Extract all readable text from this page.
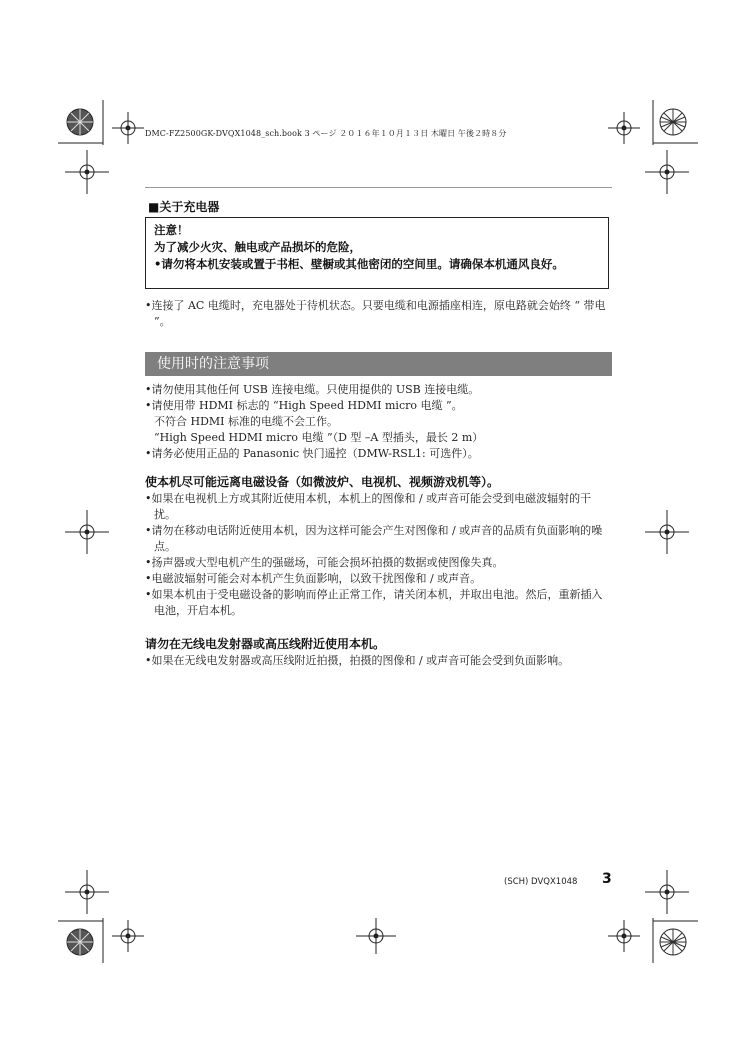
DMC-FZ2500GK-DVQX1048_sch.book 3 ページ ２０１６年１０月１３日 木曜日 午後２時８分
■关于充电器
注意！
为了减少火灾、触电或产品损坏的危险，
•请勿将本机安装或置于书柜、壁橱或其他密闭的空间里。请确保本机通风良好。
•连接了 AC 电缆时，充电器处于待机状态。只要电缆和电源插座相连，原电路就会始终 “ 带电 ”。
使用时的注意事项
•请勿使用其他任何 USB 连接电缆。只使用提供的 USB 连接电缆。
•请使用带 HDMI 标志的 “High Speed HDMI micro 电缆 ”。
不符合 HDMI 标准的电缆不会工作。
“High Speed HDMI micro 电缆 ”（D 型 –A 型插头，最长 2 m）
•请务必使用正品的 Panasonic 快门遥控（DMW-RSL1: 可选件）。
使本机尽可能远离电磁设备（如微波炉、电视机、视频游戏机等）。
•如果在电视机上方或其附近使用本机，本机上的图像和 / 或声音可能会受到电磁波辐射的干扰。
•请勿在移动电话附近使用本机，因为这样可能会产生对图像和 / 或声音的品质有负面影响的噪点。
•扬声器或大型电机产生的强磁场，可能会损坏拍摄的数据或使图像失真。
•电磁波辐射可能会对本机产生负面影响，以致干扰图像和 / 或声音。
•如果本机由于受电磁设备的影响而停止正常工作，请关闭本机，并取出电池。然后，重新插入电池，开启本机。
请勿在无线电发射器或高压线附近使用本机。
•如果在无线电发射器或高压线附近拍摄，拍摄的图像和 / 或声音可能会受到负面影响。
(SCH) DVQX1048 3
